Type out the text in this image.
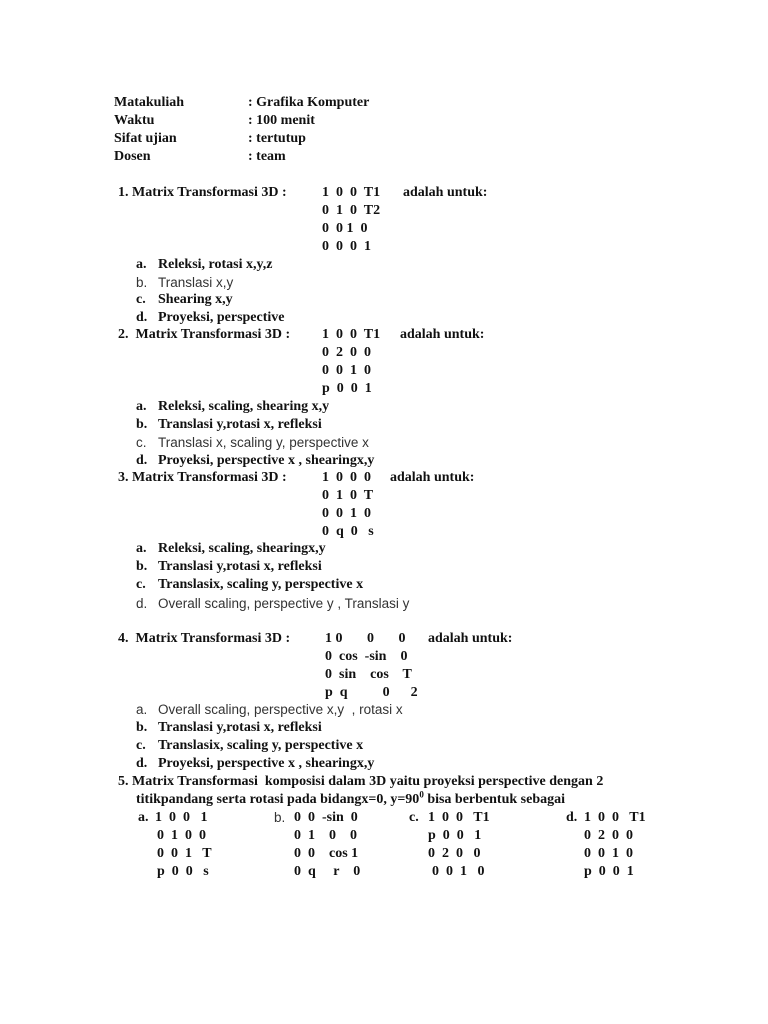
Matakuliah	: Grafika Komputer
Waktu	: 100 menit
Sifat ujian	: tertutup
Dosen	: team
1. Matrix Transformasi 3D :	1  0  0  T1 adalah untuk:
0  1  0  T2
0  0 1  0
0  0  0  1
a. Releksi, rotasi x,y,z
b. Translasi x,y
c. Shearing x,y
d. Proyeksi, perspective
2.  Matrix Transformasi 3D : 1  0  0  T1 adalah untuk:
0  2  0  0
0  0  1  0
p  0  0  1
a. Releksi, scaling, shearing x,y
b. Translasi y,rotasi x, refleksi
c. Translasi x, scaling y, perspective x
d. Proyeksi, perspective x , shearingx,y
3. Matrix Transformasi 3D :	1  0  0  0 adalah untuk:
0  1  0  T
0  0  1  0
0  q  0   s
a. Releksi, scaling, shearingx,y
b. Translasi y,rotasi x, refleksi
c. Translasix, scaling y, perspective x
d. Overall scaling, perspective y , Translasi y
4.  Matrix Transformasi 3D : 1 0       0       0 adalah untuk:
0  cos  -sin    0
0  sin    cos    T
p  q          0      2
a. Overall scaling, perspective x,y  , rotasi x
b. Translasi y,rotasi x, refleksi
c. Translasix, scaling y, perspective x
d. Proyeksi, perspective x , shearingx,y
5. Matrix Transformasi  komposisi dalam 3D yaitu proyeksi perspective dengan 2
titikpandang serta rotasi pada bidangx=0, $y=90^0$ bisa berbentuk sebagai
a. 1  0  0   1
0  1  0  0
0  0  1   T
p  0  0   s
b. 0  0  -sin  0
0  1    0    0
0  0    cos 1
0  q     r    0
c. 1  0  0   T1
p  0  0   1
0  2  0   0
0  0  1   0
d. 1  0  0   T1
0  2  0  0
0  0  1  0
p  0  0  1
